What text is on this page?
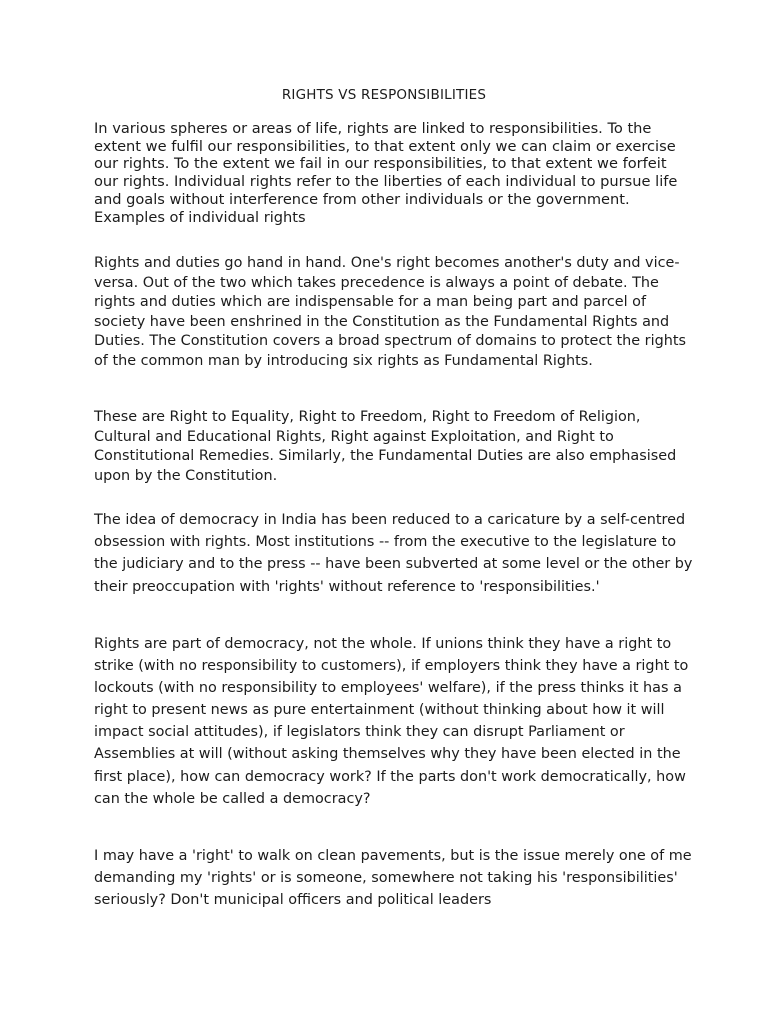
RIGHTS VS RESPONSIBILITIES

In various spheres or areas of life, rights are linked to responsibilities. To the extent we fulfil our responsibilities, to that extent only we can claim or exercise our rights. To the extent we fail in our responsibilities, to that extent we forfeit our rights. Individual rights refer to the liberties of each individual to pursue life and goals without interference from other individuals or the government. Examples of individual rights

Rights and duties go hand in hand. One's right becomes another's duty and vice-versa. Out of the two which takes precedence is always a point of debate. The rights and duties which are indispensable for a man being part and parcel of society have been enshrined in the Constitution as the Fundamental Rights and Duties. The Constitution covers a broad spectrum of domains to protect the rights of the common man by introducing six rights as Fundamental Rights.

These are Right to Equality, Right to Freedom, Right to Freedom of Religion, Cultural and Educational Rights, Right against Exploitation, and Right to Constitutional Remedies. Similarly, the Fundamental Duties are also emphasised upon by the Constitution.

The idea of democracy in India has been reduced to a caricature by a self-centred obsession with rights. Most institutions -- from the executive to the legislature to the judiciary and to the press -- have been subverted at some level or the other by their preoccupation with 'rights' without reference to 'responsibilities.'

Rights are part of democracy, not the whole. If unions think they have a right to strike (with no responsibility to customers), if employers think they have a right to lockouts (with no responsibility to employees' welfare), if the press thinks it has a right to present news as pure entertainment (without thinking about how it will impact social attitudes), if legislators think they can disrupt Parliament or Assemblies at will (without asking themselves why they have been elected in the first place), how can democracy work? If the parts don't work democratically, how can the whole be called a democracy?

I may have a 'right' to walk on clean pavements, but is the issue merely one of me demanding my 'rights' or is someone, somewhere not taking his 'responsibilities' seriously? Don't municipal officers and political leaders
